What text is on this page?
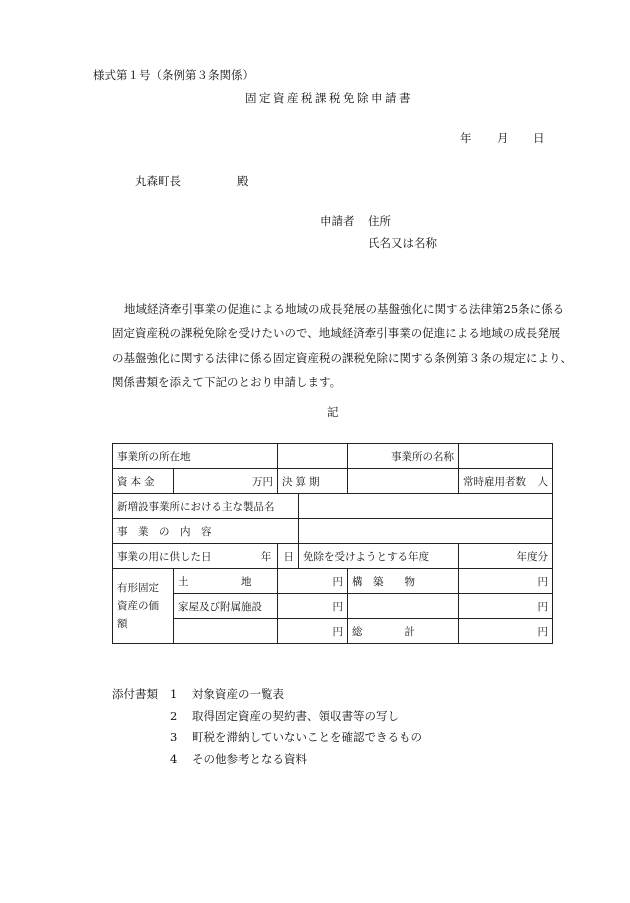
様式第１号（条例第３条関係）
固定資産税課税免除申請書
年 月 日
丸森町長	殿
申請者 住所
氏名又は名称
地域経済牽引事業の促進による地域の成長発展の基盤強化に関する法律第25条に係る
固定資産税の課税免除を受けたいので、地域経済牽引事業の促進による地域の成長発展
の基盤強化に関する法律に係る固定資産税の課税免除に関する条例第３条の規定により、
関係書類を添えて下記のとおり申請します。
記
事業所の所在地				事業所の名称	
資本金	万円	決算期			常時雇用者数 人

新増設事業所における主な製品名					
事　業　の　内　容					
事業の用に供した日 年		日	免除を受けようとする年度		年度分
有形固定資産の価額	土　　　　　地	円		構　築　　物	円
	家屋及び附属施設	円			円
		円		総　　　　計	円
添付書類 1 対象資産の一覧表
2 取得固定資産の契約書、領収書等の写し
3 町税を滞納していないことを確認できるもの
4 その他参考となる資料
